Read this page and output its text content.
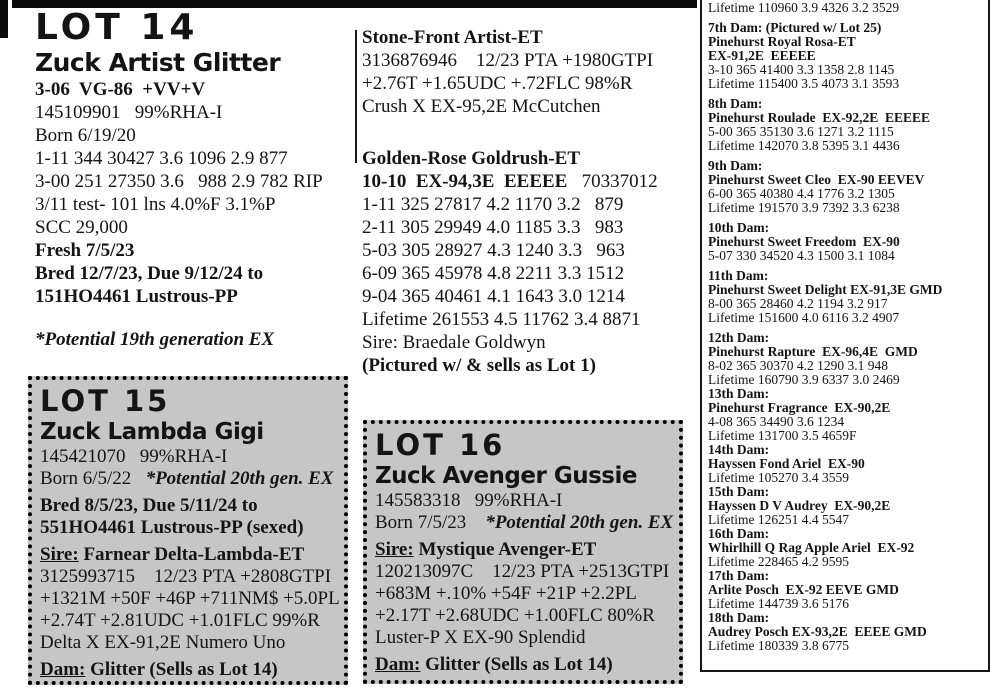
LOT 14
Zuck Artist Glitter
3-06  VG-86  +VV+V
145109901   99%RHA-I
Born 6/19/20
1-11 344 30427 3.6 1096 2.9 877
3-00 251 27350 3.6   988 2.9 782 RIP
3/11 test- 101 lns 4.0%F 3.1%P
SCC 29,000
Fresh 7/5/23
Bred 12/7/23, Due 9/12/24 to
151HO4461 Lustrous-PP
*Potential 19th generation EX
Stone-Front Artist-ET
3136876946    12/23 PTA +1980GTPI
+2.76T +1.65UDC +.72FLC 98%R
Crush X EX-95,2E McCutchen
Golden-Rose Goldrush-ET
10-10  EX-94,3E  EEEEE   70337012
1-11 325 27817 4.2 1170 3.2   879
2-11 305 29949 4.0 1185 3.3   983
5-03 305 28927 4.3 1240 3.3   963
6-09 365 45978 4.8 2211 3.3 1512
9-04 365 40461 4.1 1643 3.0 1214
Lifetime 261553 4.5 11762 3.4 8871
Sire: Braedale Goldwyn
(Pictured w/ & sells as Lot 1)
Lifetime 110960 3.9 4326 3.2 3529
7th Dam: (Pictured w/ Lot 25)
Pinehurst Royal Rosa-ET
EX-91,2E  EEEEE
3-10 365 41400 3.3 1358 2.8 1145
Lifetime 115400 3.5 4073 3.1 3593
8th Dam:
Pinehurst Roulade  EX-92,2E  EEEEE
5-00 365 35130 3.6 1271 3.2 1115
Lifetime 142070 3.8 5395 3.1 4436
9th Dam:
Pinehurst Sweet Cleo  EX-90 EEVEV
6-00 365 40380 4.4 1776 3.2 1305
Lifetime 191570 3.9 7392 3.3 6238
10th Dam:
Pinehurst Sweet Freedom  EX-90
5-07 330 34520 4.3 1500 3.1 1084
11th Dam:
Pinehurst Sweet Delight EX-91,3E GMD
8-00 365 28460 4.2 1194 3.2 917
Lifetime 151600 4.0 6116 3.2 4907
12th Dam:
Pinehurst Rapture  EX-96,4E  GMD
8-02 365 30370 4.2 1290 3.1 948
Lifetime 160790 3.9 6337 3.0 2469
13th Dam:
Pinehurst Fragrance  EX-90,2E
4-08 365 34490 3.6 1234
Lifetime 131700 3.5 4659F
14th Dam:
Hayssen Fond Ariel  EX-90
Lifetime 105270 3.4 3559
15th Dam:
Hayssen D V Audrey  EX-90,2E
Lifetime 126251 4.4 5547
16th Dam:
Whirlhill Q Rag Apple Ariel  EX-92
Lifetime 228465 4.2 9595
17th Dam:
Arlite Posch  EX-92 EEVE GMD
Lifetime 144739 3.6 5176
18th Dam:
Audrey Posch EX-93,2E  EEEE GMD
Lifetime 180339 3.8 6775
LOT 15
Zuck Lambda Gigi
145421070   99%RHA-I
Born 6/5/22   *Potential 20th gen. EX
Bred 8/5/23, Due 5/11/24 to
551HO4461 Lustrous-PP (sexed)
Sire: Farnear Delta-Lambda-ET
3125993715    12/23 PTA +2808GTPI
+1321M +50F +46P +711NM$ +5.0PL
+2.74T +2.81UDC +1.01FLC 99%R
Delta X EX-91,2E Numero Uno
Dam: Glitter (Sells as Lot 14)
LOT 16
Zuck Avenger Gussie
145583318   99%RHA-I
Born 7/5/23    *Potential 20th gen. EX
Sire: Mystique Avenger-ET
120213097C    12/23 PTA +2513GTPI
+683M +.10% +54F +21P +2.2PL
+2.17T +2.68UDC +1.00FLC 80%R
Luster-P X EX-90 Splendid
Dam: Glitter (Sells as Lot 14)
